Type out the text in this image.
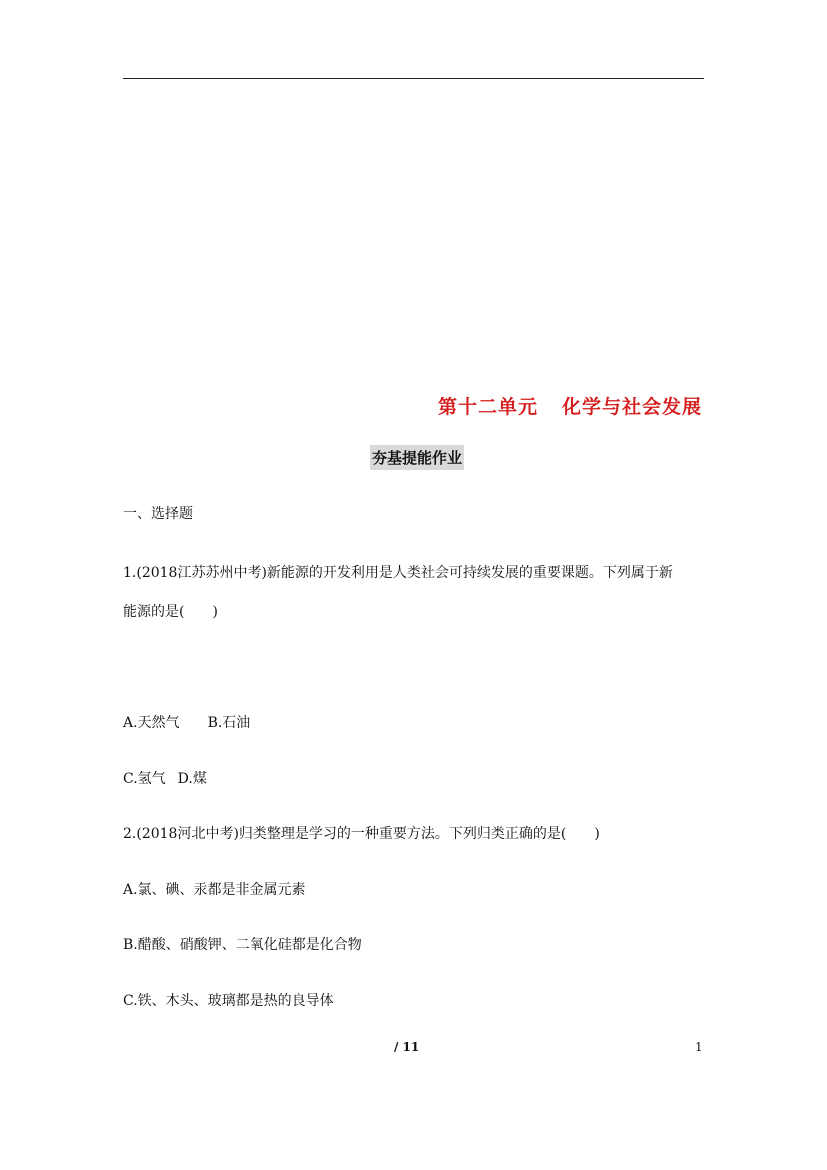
第十二单元 化学与社会发展
夯基提能作业
一、选择题
1.(2018江苏苏州中考)新能源的开发利用是人类社会可持续发展的重要课题。下列属于新
能源的是(　　)
A.天然气 B.石油
C.氢气 D.煤
2.(2018河北中考)归类整理是学习的一种重要方法。下列归类正确的是(　　)
A.氯、碘、汞都是非金属元素
B.醋酸、硝酸钾、二氧化硅都是化合物
C.铁、木头、玻璃都是热的良导体
/ 11	1
